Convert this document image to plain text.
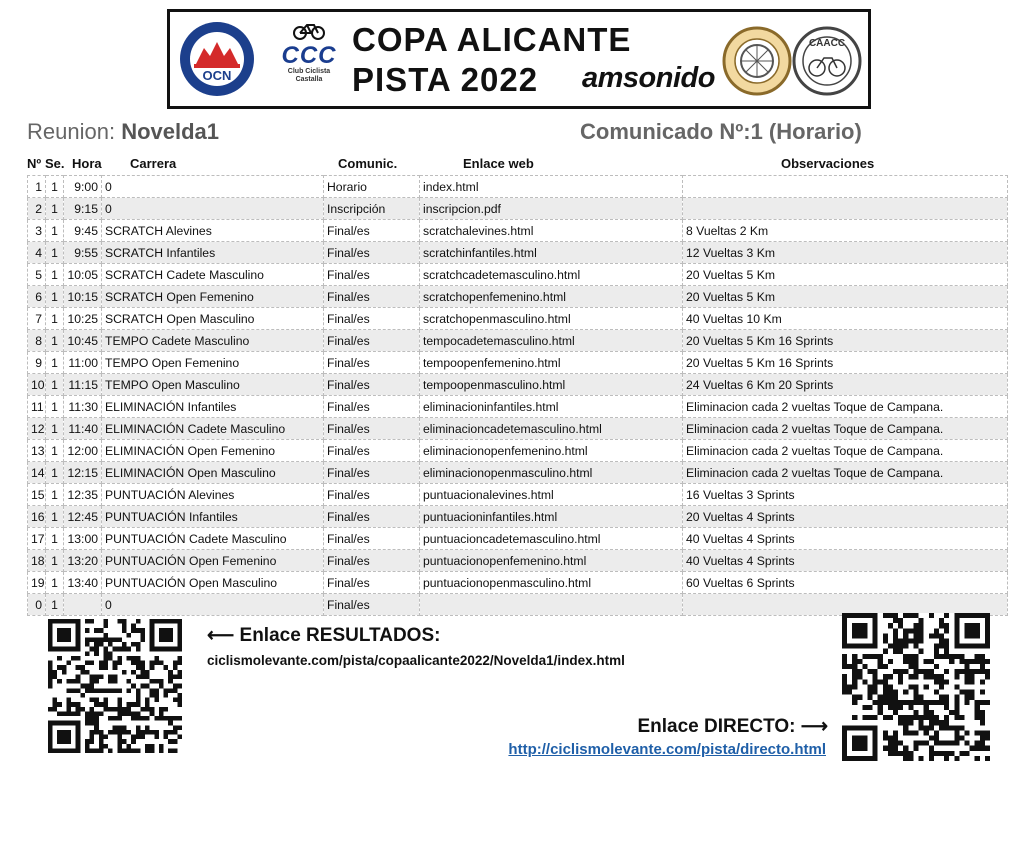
OCN
CCC
Club Ciclista
Castalla
COPA ALICANTE
PISTA 2022	amsonido
CAACC
Reunion: Novelda1	Comunicado Nº:1 (Horario)
Nº Se. Hora Carrera	Comunic.	Enlace web	Observaciones
1	1	9:00	0	Horario	index.html	
2	1	9:15	0	Inscripción	inscripcion.pdf	
3	1	9:45	SCRATCH Alevines	Final/es	scratchalevines.html	8 Vueltas 2 Km
4	1	9:55	SCRATCH Infantiles	Final/es	scratchinfantiles.html	12 Vueltas 3 Km
5	1	10:05	SCRATCH Cadete Masculino	Final/es	scratchcadetemasculino.html	20 Vueltas 5 Km
6	1	10:15	SCRATCH Open Femenino	Final/es	scratchopenfemenino.html	20 Vueltas 5 Km
7	1	10:25	SCRATCH Open Masculino	Final/es	scratchopenmasculino.html	40 Vueltas 10 Km
8	1	10:45	TEMPO Cadete Masculino	Final/es	tempocadetemasculino.html	20 Vueltas 5 Km 16 Sprints
9	1	11:00	TEMPO Open Femenino	Final/es	tempoopenfemenino.html	20 Vueltas 5 Km 16 Sprints
10	1	11:15	TEMPO Open Masculino	Final/es	tempoopenmasculino.html	24 Vueltas 6 Km 20 Sprints
11	1	11:30	ELIMINACIÓN Infantiles	Final/es	eliminacioninfantiles.html	Eliminacion cada 2 vueltas Toque de Campana.
12	1	11:40	ELIMINACIÓN Cadete Masculino	Final/es	eliminacioncadetemasculino.html	Eliminacion cada 2 vueltas Toque de Campana.
13	1	12:00	ELIMINACIÓN Open Femenino	Final/es	eliminacionopenfemenino.html	Eliminacion cada 2 vueltas Toque de Campana.
14	1	12:15	ELIMINACIÓN Open Masculino	Final/es	eliminacionopenmasculino.html	Eliminacion cada 2 vueltas Toque de Campana.
15	1	12:35	PUNTUACIÓN Alevines	Final/es	puntuacionalevines.html	16 Vueltas 3 Sprints
16	1	12:45	PUNTUACIÓN Infantiles	Final/es	puntuacioninfantiles.html	20 Vueltas 4 Sprints
17	1	13:00	PUNTUACIÓN Cadete Masculino	Final/es	puntuacioncadetemasculino.html	40 Vueltas 4 Sprints
18	1	13:20	PUNTUACIÓN Open Femenino	Final/es	puntuacionopenfemenino.html	40 Vueltas 4 Sprints
19	1	13:40	PUNTUACIÓN Open Masculino	Final/es	puntuacionopenmasculino.html	60 Vueltas 6 Sprints
0	1		0	Final/es		
⟵ Enlace RESULTADOS:
ciclismolevante.com/pista/copaalicante2022/Novelda1/index.html
Enlace DIRECTO: ⟶
http://ciclismolevante.com/pista/directo.html
